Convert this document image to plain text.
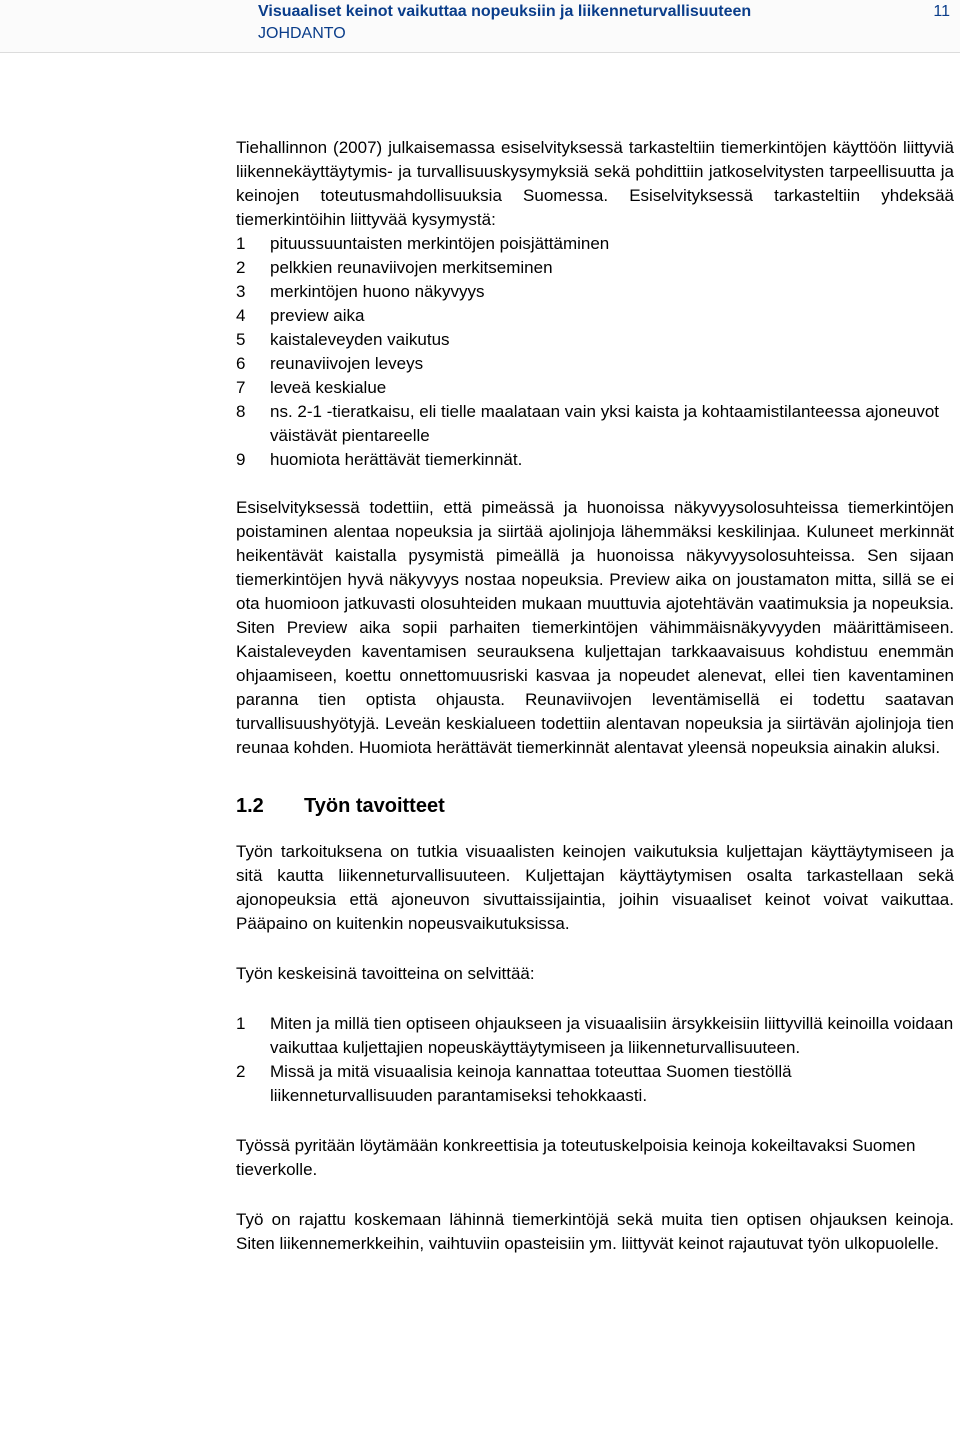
Visuaaliset keinot vaikuttaa nopeuksiin ja liikenneturvallisuuteen
JOHDANTO
11

Tiehallinnon (2007) julkaisemassa esiselvityksessä tarkasteltiin tiemerkintöjen käyttöön liittyviä liikennekäyttäytymis- ja turvallisuuskysymyksiä sekä pohdittiin jatkoselvitysten tarpeellisuutta ja keinojen toteutusmahdollisuuksia Suomessa. Esiselvityksessä tarkasteltiin yhdeksää tiemerkintöihin liittyvää kysymystä:

1	pituussuuntaisten merkintöjen poisjättäminen
2	pelkkien reunaviivojen merkitseminen
3	merkintöjen huono näkyvyys
4	preview aika
5	kaistaleveyden vaikutus
6	reunaviivojen leveys
7	leveä keskialue
8	ns. 2-1 -tieratkaisu, eli tielle maalataan vain yksi kaista ja kohtaamistilanteessa ajoneuvot väistävät pientareelle
9	huomiota herättävät tiemerkinnät.

Esiselvityksessä todettiin, että pimeässä ja huonoissa näkyvyysolosuhteissa tiemerkintöjen poistaminen alentaa nopeuksia ja siirtää ajolinjoja lähemmäksi keskilinjaa. Kuluneet merkinnät heikentävät kaistalla pysymistä pimeällä ja huonoissa näkyvyysolosuhteissa. Sen sijaan tiemerkintöjen hyvä näkyvyys nostaa nopeuksia. Preview aika on joustamaton mitta, sillä se ei ota huomioon jatkuvasti olosuhteiden mukaan muuttuvia ajotehtävän vaatimuksia ja nopeuksia. Siten Preview aika sopii parhaiten tiemerkintöjen vähimmäisnäkyvyyden määrittämiseen. Kaistaleveyden kaventamisen seurauksena kuljettajan tarkkaavaisuus kohdistuu enemmän ohjaamiseen, koettu onnettomuusriski kasvaa ja nopeudet alenevat, ellei tien kaventaminen paranna tien optista ohjausta. Reunaviivojen leventämisellä ei todettu saatavan turvallisuushyötyjä. Leveän keskialueen todettiin alentavan nopeuksia ja siirtävän ajolinjoja tien reunaa kohden. Huomiota herättävät tiemerkinnät alentavat yleensä nopeuksia ainakin aluksi.

1.2	Työn tavoitteet

Työn tarkoituksena on tutkia visuaalisten keinojen vaikutuksia kuljettajan käyttäytymiseen ja sitä kautta liikenneturvallisuuteen. Kuljettajan käyttäytymisen osalta tarkastellaan sekä ajonopeuksia että ajoneuvon sivuttaissijaintia, joihin visuaaliset keinot voivat vaikuttaa. Pääpaino on kuitenkin nopeusvaikutuksissa.

Työn keskeisinä tavoitteina on selvittää:

1	Miten ja millä tien optiseen ohjaukseen ja visuaalisiin ärsykkeisiin liittyvillä keinoilla voidaan vaikuttaa kuljettajien nopeuskäyttäytymiseen ja liikenneturvallisuuteen.
2	Missä ja mitä visuaalisia keinoja kannattaa toteuttaa Suomen tiestöllä liikenneturvallisuuden parantamiseksi tehokkaasti.

Työssä pyritään löytämään konkreettisia ja toteutuskelpoisia keinoja kokeiltavaksi Suomen tieverkolle.

Työ on rajattu koskemaan lähinnä tiemerkintöjä sekä muita tien optisen ohjauksen keinoja. Siten liikennemerkkeihin, vaihtuviin opasteisiin ym. liittyvät keinot rajautuvat työn ulkopuolelle.
